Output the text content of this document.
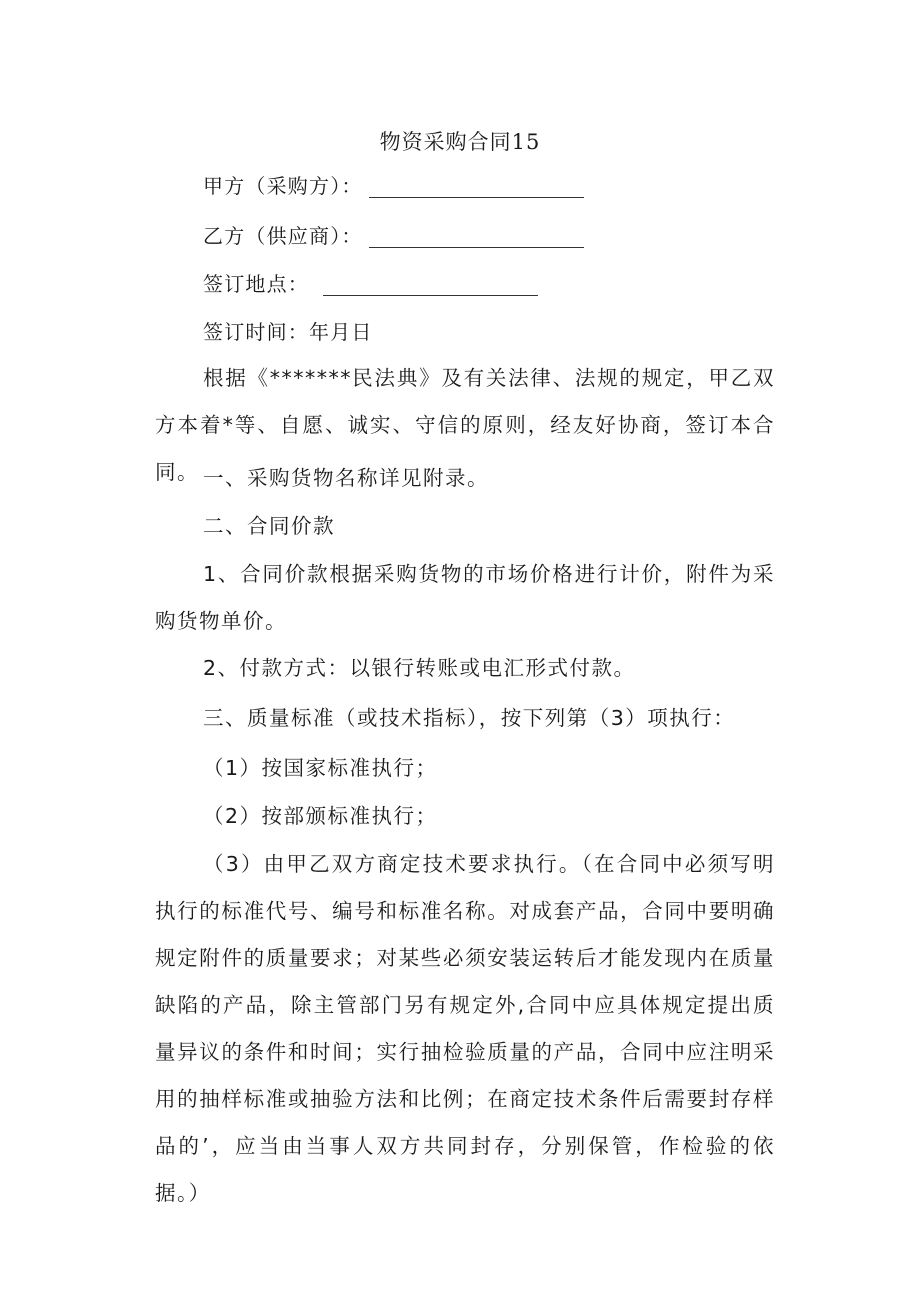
物资采购合同15
甲方（采购方）：
乙方（供应商）：
签订地点：
签订时间：年月日
根据《*******民法典》及有关法律、法规的规定，甲乙双方本着*等、自愿、诚实、守信的原则，经友好协商，签订本合同。 一、采购货物名称详见附录。
二、合同价款
1、合同价款根据采购货物的市场价格进行计价，附件为采购货物单价。
2、付款方式：以银行转账或电汇形式付款。
三、质量标准（或技术指标），按下列第（3）项执行：
（1）按国家标准执行；
（2）按部颁标准执行；
（3）由甲乙双方商定技术要求执行。（在合同中必须写明执行的标准代号、编号和标准名称。对成套产品，合同中要明确规定附件的质量要求；对某些必须安装运转后才能发现内在质量缺陷的产品，除主管部门另有规定外,合同中应具体规定提出质量异议的条件和时间；实行抽检验质量的产品，合同中应注明采用的抽样标准或抽验方法和比例；在商定技术条件后需要封存样品的’，应当由当事人双方共同封存，分别保管，作检验的依据。）
